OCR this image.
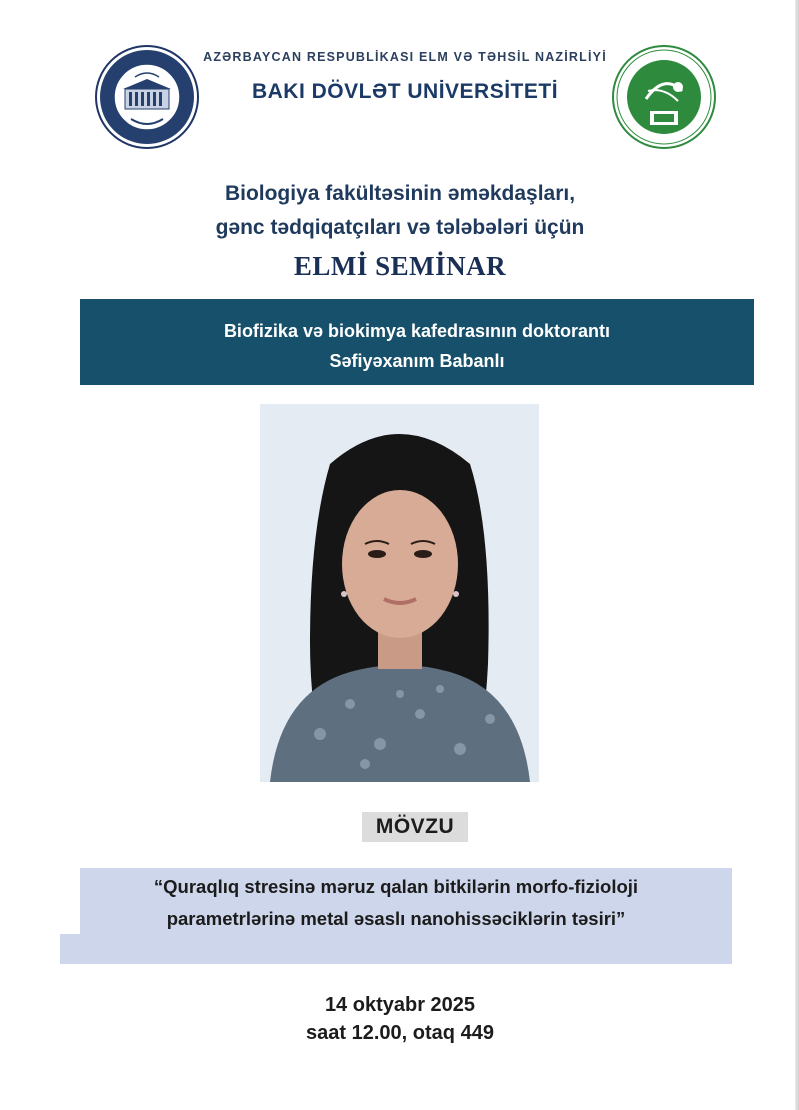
AZƏRBAYCAN RESPUBLİKASI ELM VƏ TƏHSİL NAZİRLİYİ
BAKI DÖVLƏT UNİVERSİTETİ
Biologiya fakültəsinin əməkdaşları,
gənc tədqiqatçıları və tələbələri üçün
ELMİ SEMİNAR
Biofizika və biokimya kafedrasının doktorantı
Səfiyəxanım Babanlı
MÖVZU
“Quraqlıq stresinə məruz qalan bitkilərin morfo-fizioloji
parametrlərinə metal əsaslı nanohissəciklərin təsiri”
14 oktyabr 2025
saat 12.00, otaq 449
